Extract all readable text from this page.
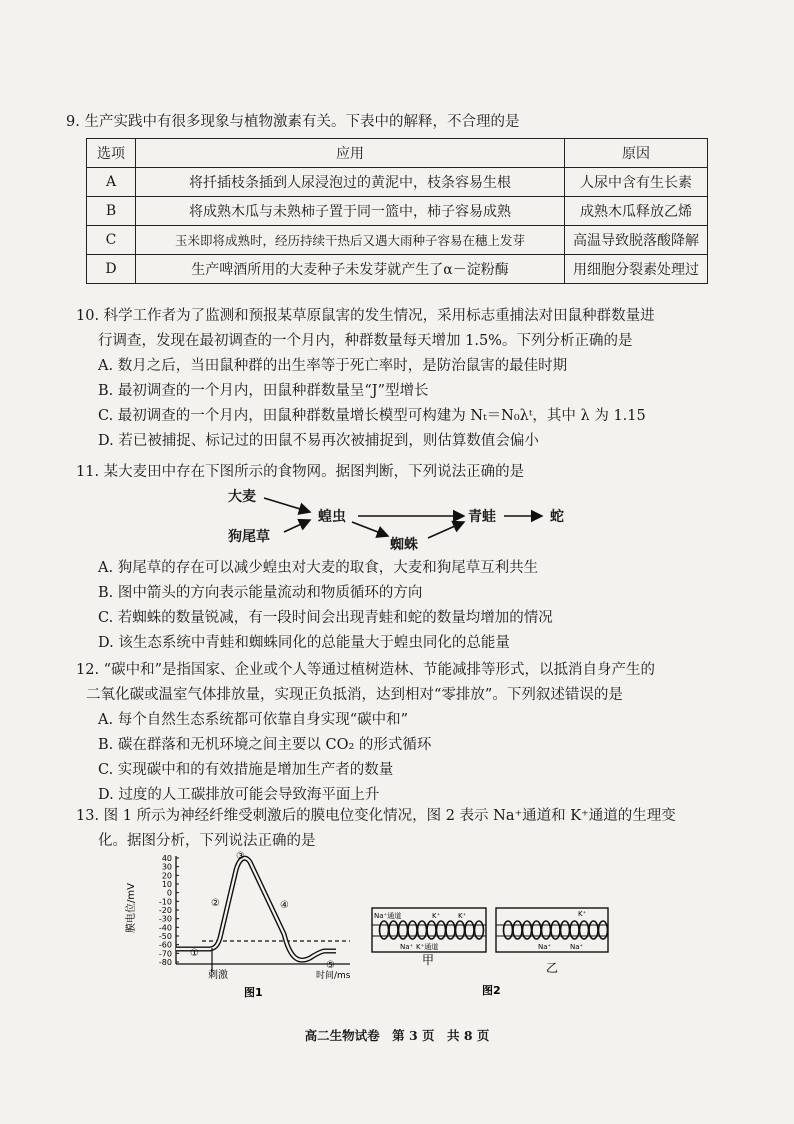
9. 生产实践中有很多现象与植物激素有关。下表中的解释，不合理的是
选项	应用	原因
A	将扦插枝条插到人尿浸泡过的黄泥中，枝条容易生根	人尿中含有生长素
B	将成熟木瓜与未熟柿子置于同一篮中，柿子容易成熟	成熟木瓜释放乙烯
C	玉米即将成熟时，经历持续干热后又遇大雨种子容易在穗上发芽	高温导致脱落酸降解
D	生产啤酒所用的大麦种子未发芽就产生了α－淀粉酶	用细胞分裂素处理过
10. 科学工作者为了监测和预报某草原鼠害的发生情况，采用标志重捕法对田鼠种群数量进
行调查，发现在最初调查的一个月内，种群数量每天增加 1.5%。下列分析正确的是
A. 数月之后，当田鼠种群的出生率等于死亡率时，是防治鼠害的最佳时期
B. 最初调查的一个月内，田鼠种群数量呈“J”型增长
C. 最初调查的一个月内，田鼠种群数量增长模型可构建为 Nₜ＝N₀λᵗ，其中 λ 为 1.15
D. 若已被捕捉、标记过的田鼠不易再次被捕捉到，则估算数值会偏小
11. 某大麦田中存在下图所示的食物网。据图判断，下列说法正确的是
大麦
狗尾草
蝗虫
蜘蛛
青蛙	蛇
A. 狗尾草的存在可以减少蝗虫对大麦的取食，大麦和狗尾草互利共生
B. 图中箭头的方向表示能量流动和物质循环的方向
C. 若蜘蛛的数量锐减，有一段时间会出现青蛙和蛇的数量均增加的情况
D. 该生态系统中青蛙和蜘蛛同化的总能量大于蝗虫同化的总能量
12. “碳中和”是指国家、企业或个人等通过植树造林、节能减排等形式，以抵消自身产生的
二氧化碳或温室气体排放量，实现正负抵消，达到相对“零排放”。下列叙述错误的是
A. 每个自然生态系统都可依靠自身实现“碳中和”
B. 碳在群落和无机环境之间主要以 CO₂ 的形式循环
C. 实现碳中和的有效措施是增加生产者的数量
D. 过度的人工碳排放可能会导致海平面上升
13. 图 1 所示为神经纤维受刺激后的膜电位变化情况，图 2 表示 Na⁺通道和 K⁺通道的生理变
化。据图分析，下列说法正确的是
膜电位/mV
40
30
20
10
0
-10
-20
-30
-40
-50
-60
-70
-80
①
②
③
④
⑤
刺激	时间/ms
图1
Na⁺通道	K⁺	K⁺
Na⁺ K⁺通道
甲
K⁺
Na⁺	Na⁺
乙
图2
高二生物试卷　第 3 页　共 8 页
